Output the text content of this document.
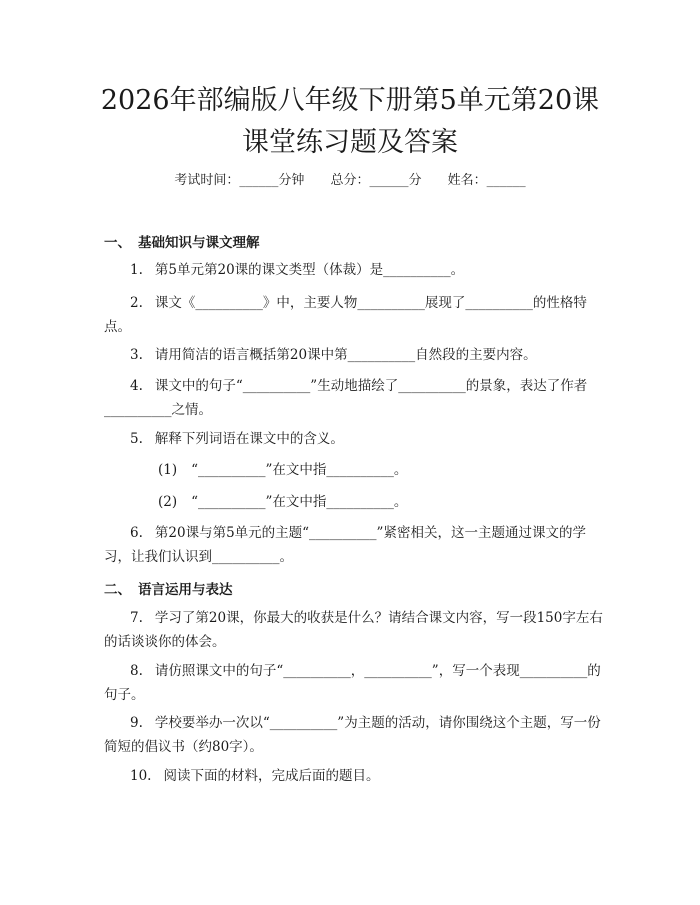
2026年部编版八年级下册第5单元第20课
课堂练习题及答案
考试时间：______分钟 总分：______分 姓名：______
一、 基础知识与课文理解
1. 第5单元第20课的课文类型（体裁）是__________。
2. 课文《__________》中，主要人物__________展现了__________的性格特点。
3. 请用简洁的语言概括第20课中第__________自然段的主要内容。
4. 课文中的句子“__________”生动地描绘了__________的景象，表达了作者__________之情。
5. 解释下列词语在课文中的含义。
(1) “__________”在文中指__________。
(2) “__________”在文中指__________。
6. 第20课与第5单元的主题“__________”紧密相关，这一主题通过课文的学习，让我们认识到__________。
二、 语言运用与表达
7. 学习了第20课，你最大的收获是什么？请结合课文内容，写一段150字左右的话谈谈你的体会。
8. 请仿照课文中的句子“__________，__________”，写一个表现__________的句子。
9. 学校要举办一次以“__________”为主题的活动，请你围绕这个主题，写一份简短的倡议书（约80字）。
10. 阅读下面的材料，完成后面的题目。
